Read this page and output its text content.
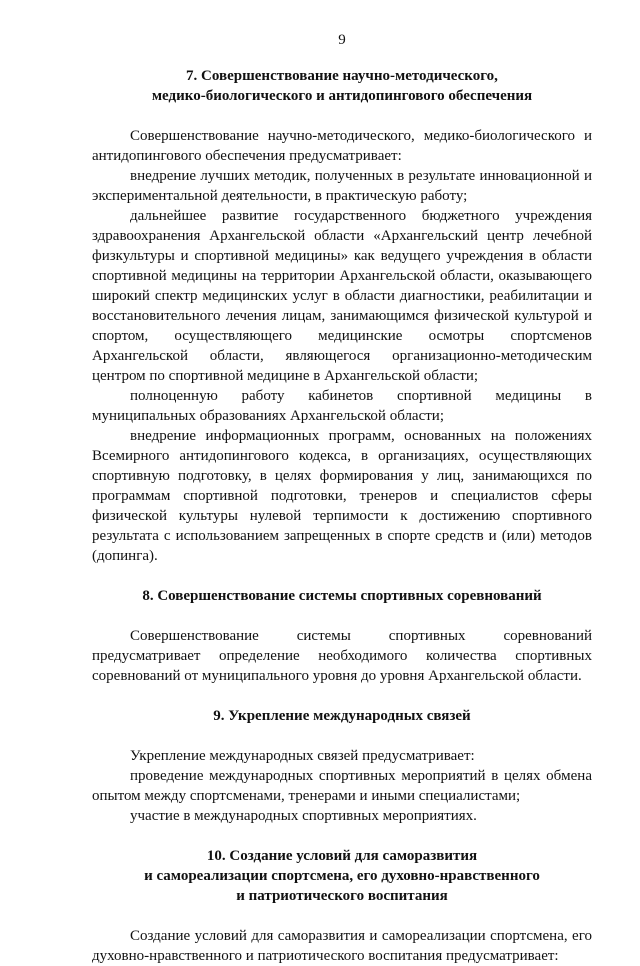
9
7. Совершенствование научно-методического,
медико-биологического и антидопингового обеспечения

Совершенствование научно-методического, медико-биологического и антидопингового обеспечения предусматривает:

внедрение лучших методик, полученных в результате инновационной и экспериментальной деятельности, в практическую работу;

дальнейшее развитие государственного бюджетного учреждения здравоохранения Архангельской области «Архангельский центр лечебной физкультуры и спортивной медицины» как ведущего учреждения в области спортивной медицины на территории Архангельской области, оказывающего широкий спектр медицинских услуг в области диагностики, реабилитации и восстановительного лечения лицам, занимающимся физической культурой и спортом, осуществляющего медицинские осмотры спортсменов Архангельской области, являющегося организационно-методическим центром по спортивной медицине в Архангельской области;

полноценную работу кабинетов спортивной медицины в муниципальных образованиях Архангельской области;

внедрение информационных программ, основанных на положениях Всемирного антидопингового кодекса, в организациях, осуществляющих спортивную подготовку, в целях формирования у лиц, занимающихся по программам спортивной подготовки, тренеров и специалистов сферы физической культуры нулевой терпимости к достижению спортивного результата с использованием запрещенных в спорте средств и (или) методов (допинга).

8. Совершенствование системы спортивных соревнований

Совершенствование системы спортивных соревнований предусматривает определение необходимого количества спортивных соревнований от муниципального уровня до уровня Архангельской области.

9. Укрепление международных связей

Укрепление международных связей предусматривает:

проведение международных спортивных мероприятий в целях обмена опытом между спортсменами, тренерами и иными специалистами;

участие в международных спортивных мероприятиях.

10. Создание условий для саморазвития
и самореализации спортсмена, его духовно-нравственного
и патриотического воспитания

Создание условий для саморазвития и самореализации спортсмена, его духовно-нравственного и патриотического воспитания предусматривает:
